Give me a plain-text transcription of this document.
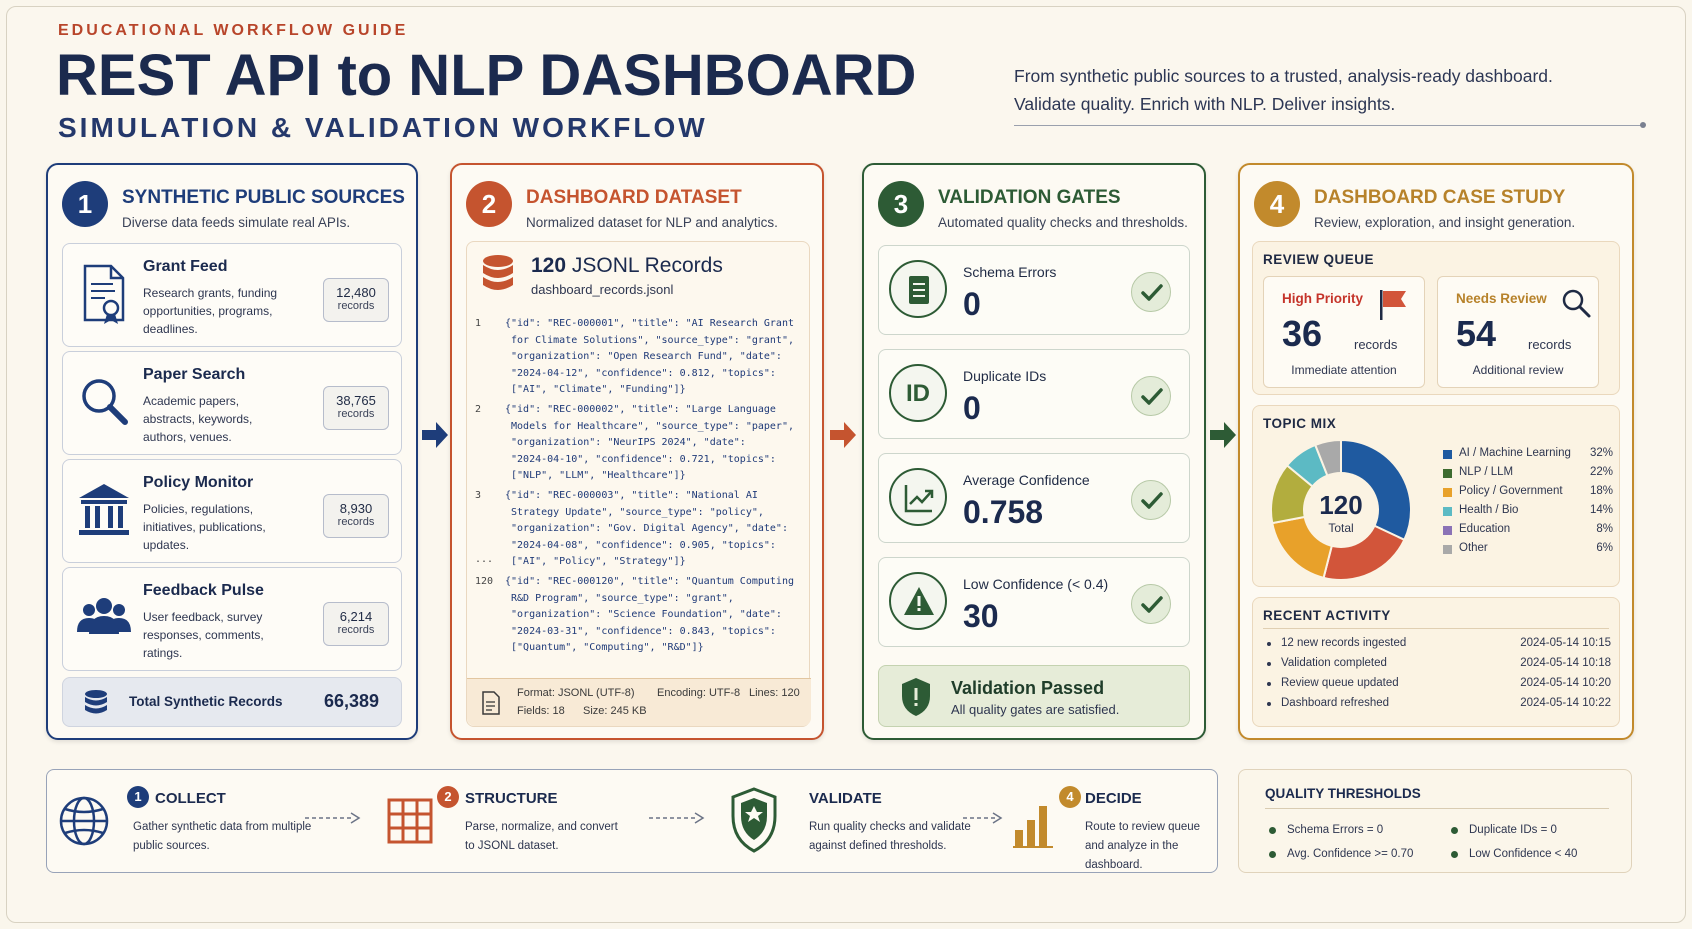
EDUCATIONAL WORKFLOW GUIDE
REST API to NLP DASHBOARD
SIMULATION & VALIDATION WORKFLOW
From synthetic public sources to a trusted, analysis-ready dashboard.
Validate quality. Enrich with NLP. Deliver insights.
1	SYNTHETIC PUBLIC SOURCES
Diverse data feeds simulate real APIs.
Grant Feed
Research grants, funding opportunities, programs, deadlines.
12,480
records
Paper Search
Academic papers, abstracts, keywords, authors, venues.
38,765
records
Policy Monitor
Policies, regulations, initiatives, publications, updates.
8,930
records
Feedback Pulse
User feedback, survey responses, comments, ratings.
6,214
records
Total Synthetic Records 66,389
2	DASHBOARD DATASET
Normalized dataset for NLP and analytics.
120 JSONL Records
dashboard_records.jsonl
1	{"id": "REC-000001", "title": "AI Research Grant
for Climate Solutions", "source_type": "grant",
"organization": "Open Research Fund", "date":
"2024-04-12", "confidence": 0.812, "topics":
["AI", "Climate", "Funding"]}
2	{"id": "REC-000002", "title": "Large Language
Models for Healthcare", "source_type": "paper",
"organization": "NeurIPS 2024", "date":
"2024-04-10", "confidence": 0.721, "topics":
["NLP", "LLM", "Healthcare"]}
3	{"id": "REC-000003", "title": "National AI
Strategy Update", "source_type": "policy",
"organization": "Gov. Digital Agency", "date":
"2024-04-08", "confidence": 0.905, "topics":
["AI", "Policy", "Strategy"]}
...
120	{"id": "REC-000120", "title": "Quantum Computing
R&D Program", "source_type": "grant",
"organization": "Science Foundation", "date":
"2024-03-31", "confidence": 0.843, "topics":
["Quantum", "Computing", "R&D"]}
Format: JSONL (UTF-8) Encoding: UTF-8 Lines: 120
Fields: 18 Size: 245 KB
3	VALIDATION GATES
Automated quality checks and thresholds.
Schema Errors
0
ID
Duplicate IDs
0
Average Confidence
0.758
Low Confidence (< 0.4)
30
Validation Passed
All quality gates are satisfied.
4	DASHBOARD CASE STUDY
Review, exploration, and insight generation.
REVIEW QUEUE
High Priority
36 records
Immediate attention
Needs Review
54 records
Additional review
TOPIC MIX
120
Total
AI / Machine Learning 32%
NLP / LLM	22%
Policy / Government 18%
Health / Bio	14%
Education	8%
Other	6%
RECENT ACTIVITY
12 new records ingested	2024-05-14 10:15
Validation completed	2024-05-14 10:18
Review queue updated	2024-05-14 10:20
Dashboard refreshed	2024-05-14 10:22
1 COLLECT
Gather synthetic data from multiple public sources.
2 STRUCTURE
Parse, normalize, and convert to JSONL dataset.
VALIDATE
Run quality checks and validate against defined thresholds.
4 DECIDE
Route to review queue and analyze in the dashboard.
QUALITY THRESHOLDS
Schema Errors = 0	Duplicate IDs = 0
Avg. Confidence >= 0.70	Low Confidence < 40
